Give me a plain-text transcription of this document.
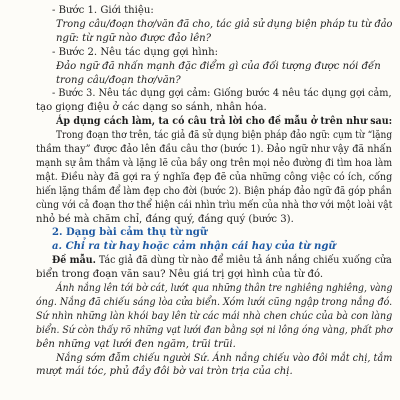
- Bước 1. Giới thiệu:
Trong câu/đoạn thơ/văn đã cho, tác giả sử dụng biện pháp tu từ đảo
ngữ: từ ngữ nào được đảo lên?
- Bước 2. Nêu tác dụng gợi hình:
Đảo ngữ đã nhấn mạnh đặc điểm gì của đối tượng được nói đến
trong câu/đoạn thơ/văn?
- Bước 3. Nêu tác dụng gợi cảm: Giống bước 4 nêu tác dụng gợi cảm,
tạo giọng điệu ở các dạng so sánh, nhân hóa.
Áp dụng cách làm, ta có câu trả lời cho đề mẫu ở trên như sau:
Trong đoạn thơ trên, tác giả đã sử dụng biện pháp đảo ngữ: cụm từ “lặng
thầm thay” được đảo lên đầu câu thơ (bước 1). Đảo ngữ như vậy đã nhấn
mạnh sự âm thầm và lặng lẽ của bầy ong trên mọi nẻo đường đi tìm hoa làm
mật. Điều này đã gợi ra ý nghĩa đẹp đẽ của những công việc có ích, cống
hiến lặng thầm để làm đẹp cho đời (bước 2). Biện pháp đảo ngữ đã góp phần
cùng với cả đoạn thơ thể hiện cái nhìn trìu mến của nhà thơ với một loài vật
nhỏ bé mà chăm chỉ, đáng quý, đáng quý (bước 3).
2. Dạng bài cảm thụ từ ngữ
a. Chỉ ra từ hay hoặc cảm nhận cái hay của từ ngữ
Đề mẫu. Tác giả đã dùng từ nào để miêu tả ánh nắng chiếu xuống cửa
biển trong đoạn văn sau? Nêu giá trị gợi hình của từ đó.
Ánh nắng lên tới bờ cát, lướt qua những thân tre nghiêng nghiêng, vàng
óng. Nắng đã chiếu sáng lòa cửa biển. Xóm lưới cũng ngập trong nắng đó.
Sứ nhìn những làn khói bay lên từ các mái nhà chen chúc của bà con làng
biển. Sứ còn thấy rõ những vạt lưới đan bằng sợi ni lông óng vàng, phất phơ
bên những vạt lưới đen ngăm, trũi trũi.
Nắng sớm đẫm chiếu người Sứ. Ánh nắng chiếu vào đôi mắt chị, tắm
mượt mái tóc, phủ đầy đôi bờ vai tròn trịa của chị.
